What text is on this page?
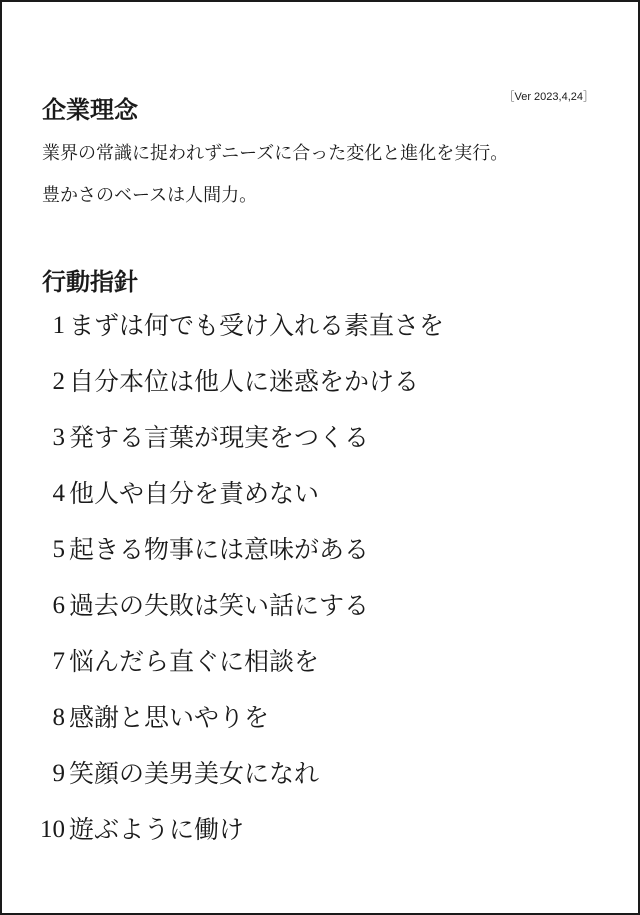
企業理念	［Ver 2023,4,24］

業界の常識に捉われずニーズに合った変化と進化を実行。

豊かさのベースは人間力。

行動指針
1 まずは何でも受け入れる素直さを
2 自分本位は他人に迷惑をかける
3 発する言葉が現実をつくる
4 他人や自分を責めない
5 起きる物事には意味がある
6 過去の失敗は笑い話にする
7 悩んだら直ぐに相談を
8 感謝と思いやりを
9 笑顔の美男美女になれ
10 遊ぶように働け
